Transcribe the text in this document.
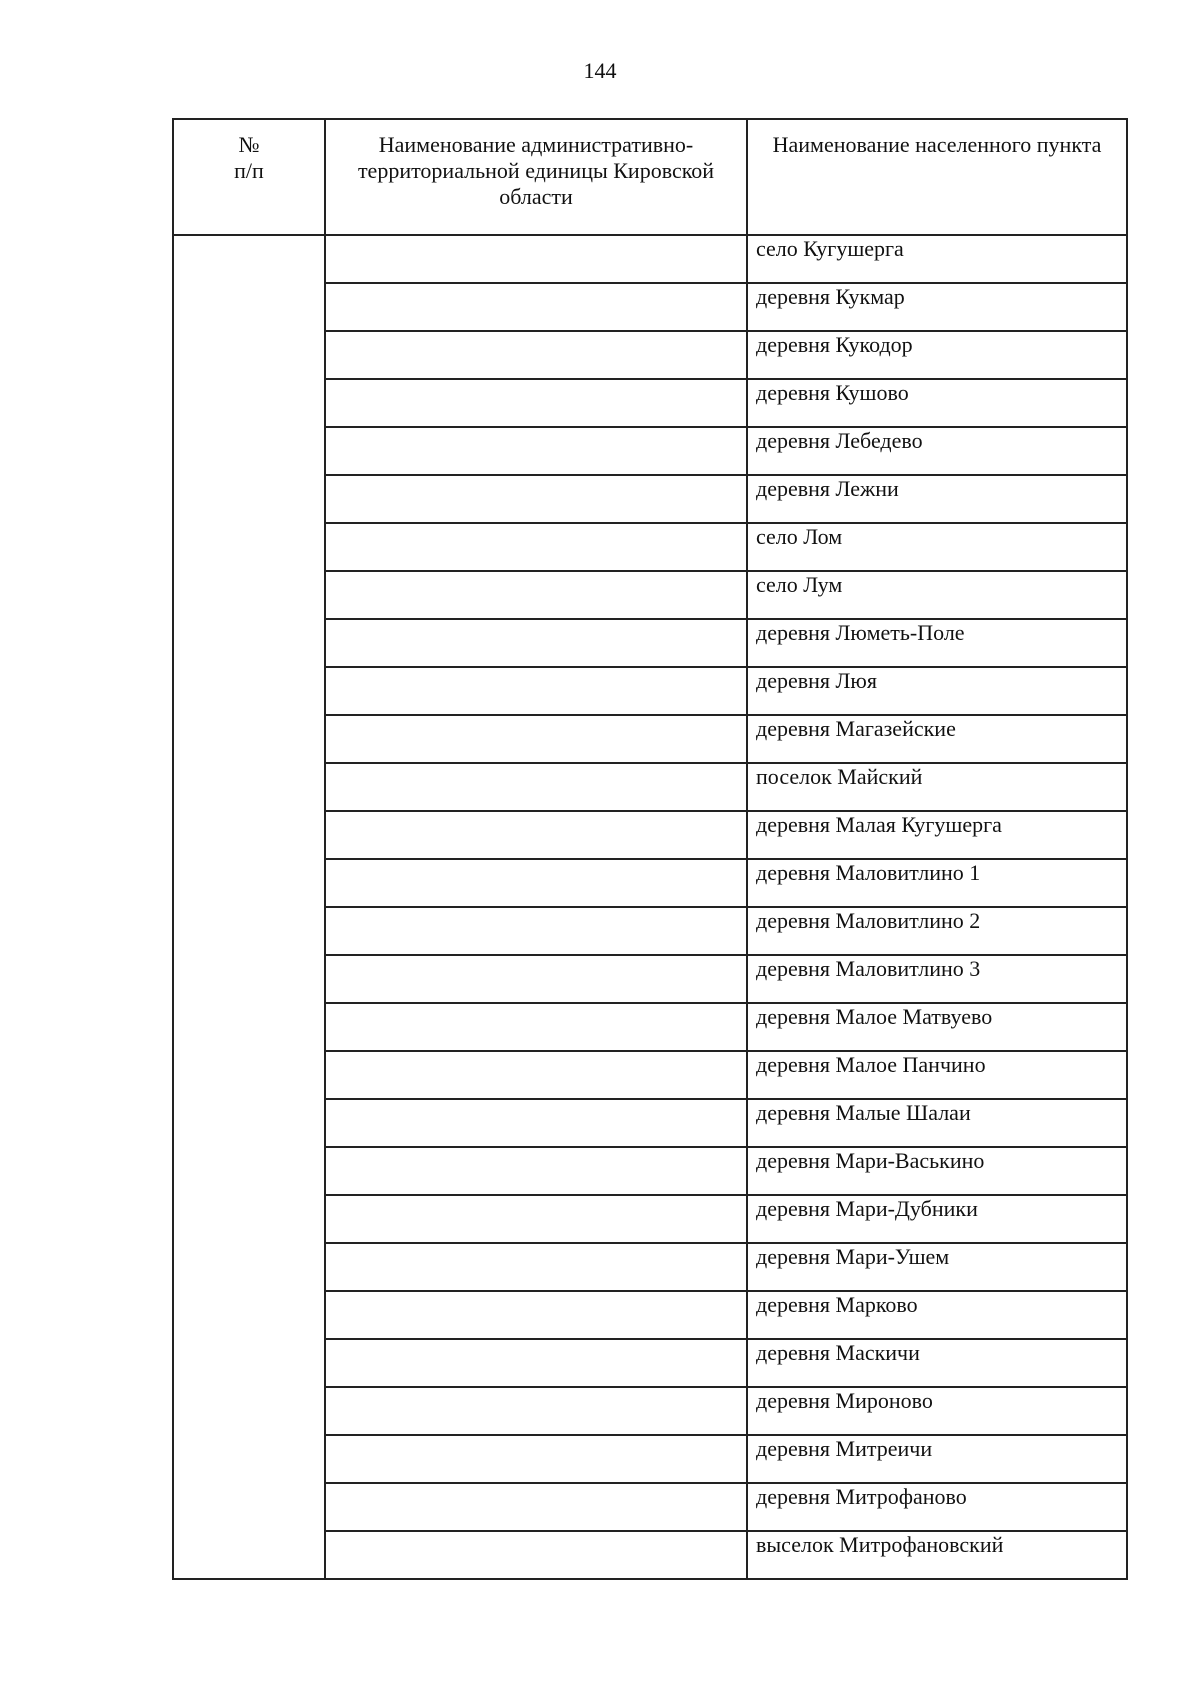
144
№
п/п	Наименование административно-территориальной единицы Кировской области	Наименование населенного пункта
		село Кугушерга
		деревня Кукмар
		деревня Кукодор
		деревня Кушово
		деревня Лебедево
		деревня Лежни
		село Лом
		село Лум
		деревня Люметь-Поле
		деревня Люя
		деревня Магазейские
		поселок Майский
		деревня Малая Кугушерга
		деревня Маловитлино 1
		деревня Маловитлино 2
		деревня Маловитлино 3
		деревня Малое Матвуево
		деревня Малое Панчино
		деревня Малые Шалаи
		деревня Мари-Васькино
		деревня Мари-Дубники
		деревня Мари-Ушем
		деревня Марково
		деревня Маскичи
		деревня Мироново
		деревня Митреичи
		деревня Митрофаново
		выселок Митрофановский
